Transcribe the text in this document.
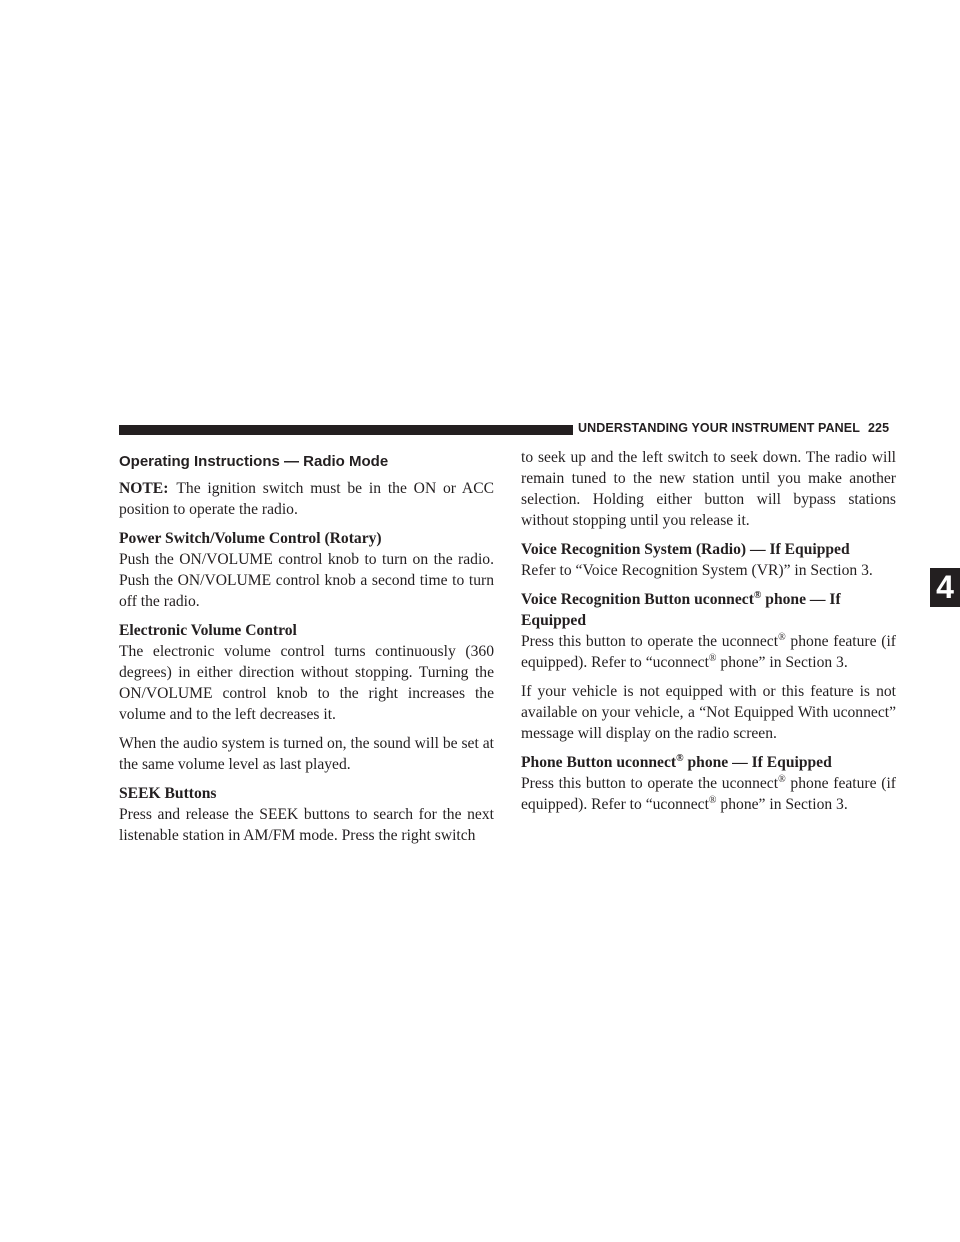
UNDERSTANDING YOUR INSTRUMENT PANEL 225
4
Operating Instructions — Radio Mode

NOTE: The ignition switch must be in the ON or ACC position to operate the radio.

Power Switch/Volume Control (Rotary)

Push the ON/VOLUME control knob to turn on the radio. Push the ON/VOLUME control knob a second time to turn off the radio.

Electronic Volume Control

The electronic volume control turns continuously (360 degrees) in either direction without stopping. Turning the ON/VOLUME control knob to the right increases the volume and to the left decreases it.

When the audio system is turned on, the sound will be set at the same volume level as last played.

SEEK Buttons

Press and release the SEEK buttons to search for the next listenable station in AM/FM mode. Press the right switch

to seek up and the left switch to seek down. The radio will remain tuned to the new station until you make another selection. Holding either button will bypass stations without stopping until you release it.

Voice Recognition System (Radio) — If Equipped

Refer to “Voice Recognition System (VR)” in Section 3.

Voice Recognition Button uconnect® phone — If Equipped

Press this button to operate the uconnect® phone feature (if equipped). Refer to “uconnect® phone” in Section 3.

If your vehicle is not equipped with or this feature is not available on your vehicle, a “Not Equipped With uconnect” message will display on the radio screen.

Phone Button uconnect® phone — If Equipped

Press this button to operate the uconnect® phone feature (if equipped). Refer to “uconnect® phone” in Section 3.
